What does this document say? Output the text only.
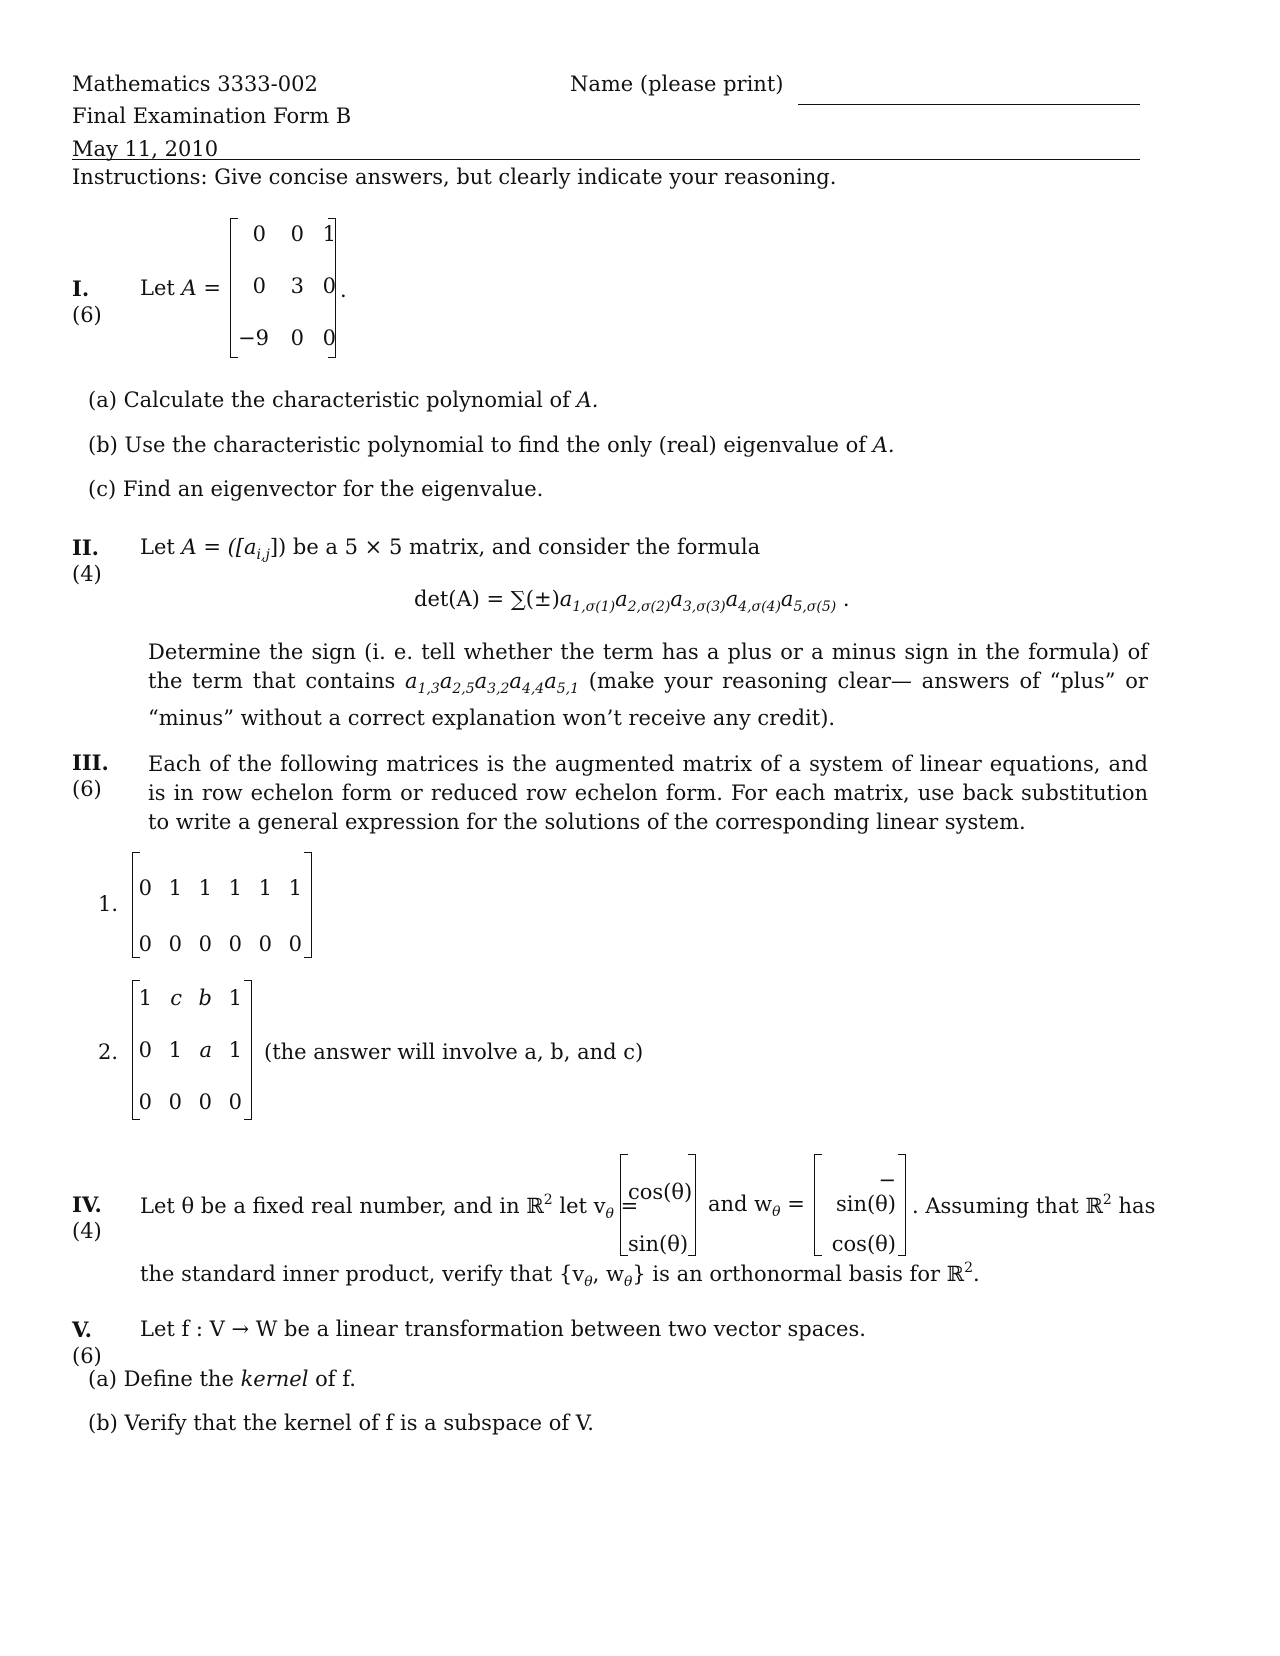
Mathematics 3333-002	Name (please print)
Final Examination Form B
May 11, 2010
Instructions: Give concise answers, but clearly indicate your reasoning.
I.
(6)
Let A =
0	0 1
0	3 0
−9	0 0
.
(a) Calculate the characteristic polynomial of A.
(b) Use the characteristic polynomial to find the only (real) eigenvalue of A.
(c) Find an eigenvector for the eigenvalue.
II.
(4)
Let $A = ([a_{i,j}])$ be a 5 × 5 matrix, and consider the formula
$\det(A) = \sum(\pm)a_{1,\sigma(1)}a_{2,\sigma(2)}a_{3,\sigma(3)}a_{4,\sigma(4)}a_{5,\sigma(5)}$ .
Determine the sign (i. e. tell whether the term has a plus or a minus sign in the formula) of the term that contains $a_{1,3}a_{2,5}a_{3,2}a_{4,4}a_{5,1}$ (make your reasoning clear— answers of “plus” or “minus” without a correct explanation won’t receive any credit).
III.
(6)
Each of the following matrices is the augmented matrix of a system of linear equations, and is in row echelon form or reduced row echelon form. For each matrix, use back substitution to write a general expression for the solutions of the corresponding linear system.
1.
0 1 1 1 1 1
0 0 0 0 0 0
2.
1 c b 1
0 1 a 1
0 0 0 0
(the answer will involve a, b, and c)
IV.
(4)
Let θ be a fixed real number, and in ℝ$^2$ let $v_\theta$ =
cos(θ)
sin(θ)
and $w_\theta$ =
− sin(θ)
cos(θ)
. Assuming that ℝ$^2$ has
the standard inner product, verify that {$v_\theta$, $w_\theta$} is an orthonormal basis for ℝ$^2$.
V.
(6)
Let f : V → W be a linear transformation between two vector spaces.
(a) Define the kernel of f.
(b) Verify that the kernel of f is a subspace of V.
